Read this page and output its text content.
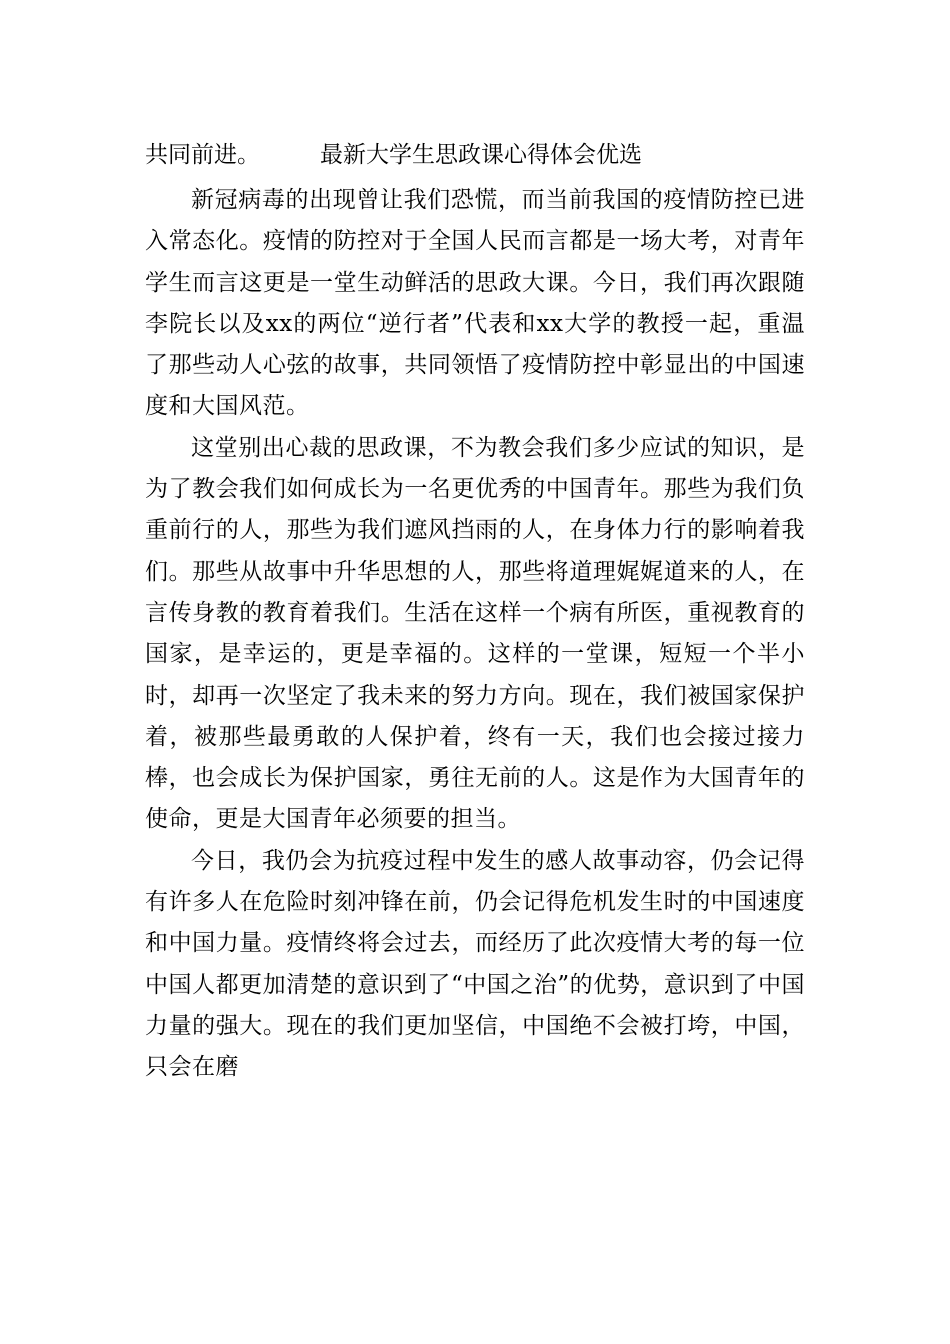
共同前进。	最新大学生思政课心得体会优选

新冠病毒的出现曾让我们恐慌，而当前我国的疫情防控已进入常态化。疫情的防控对于全国人民而言都是一场大考，对青年学生而言这更是一堂生动鲜活的思政大课。今日，我们再次跟随李院长以及xx的两位“逆行者”代表和xx大学的教授一起，重温了那些动人心弦的故事，共同领悟了疫情防控中彰显出的中国速度和大国风范。

这堂别出心裁的思政课，不为教会我们多少应试的知识，是为了教会我们如何成长为一名更优秀的中国青年。那些为我们负重前行的人，那些为我们遮风挡雨的人，在身体力行的影响着我们。那些从故事中升华思想的人，那些将道理娓娓道来的人，在言传身教的教育着我们。生活在这样一个病有所医，重视教育的国家，是幸运的，更是幸福的。这样的一堂课，短短一个半小时，却再一次坚定了我未来的努力方向。现在，我们被国家保护着，被那些最勇敢的人保护着，终有一天，我们也会接过接力棒，也会成长为保护国家，勇往无前的人。这是作为大国青年的使命，更是大国青年必须要的担当。

今日，我仍会为抗疫过程中发生的感人故事动容，仍会记得有许多人在危险时刻冲锋在前，仍会记得危机发生时的中国速度和中国力量。疫情终将会过去，而经历了此次疫情大考的每一位中国人都更加清楚的意识到了“中国之治”的优势，意识到了中国力量的强大。现在的我们更加坚信，中国绝不会被打垮，中国，只会在磨
